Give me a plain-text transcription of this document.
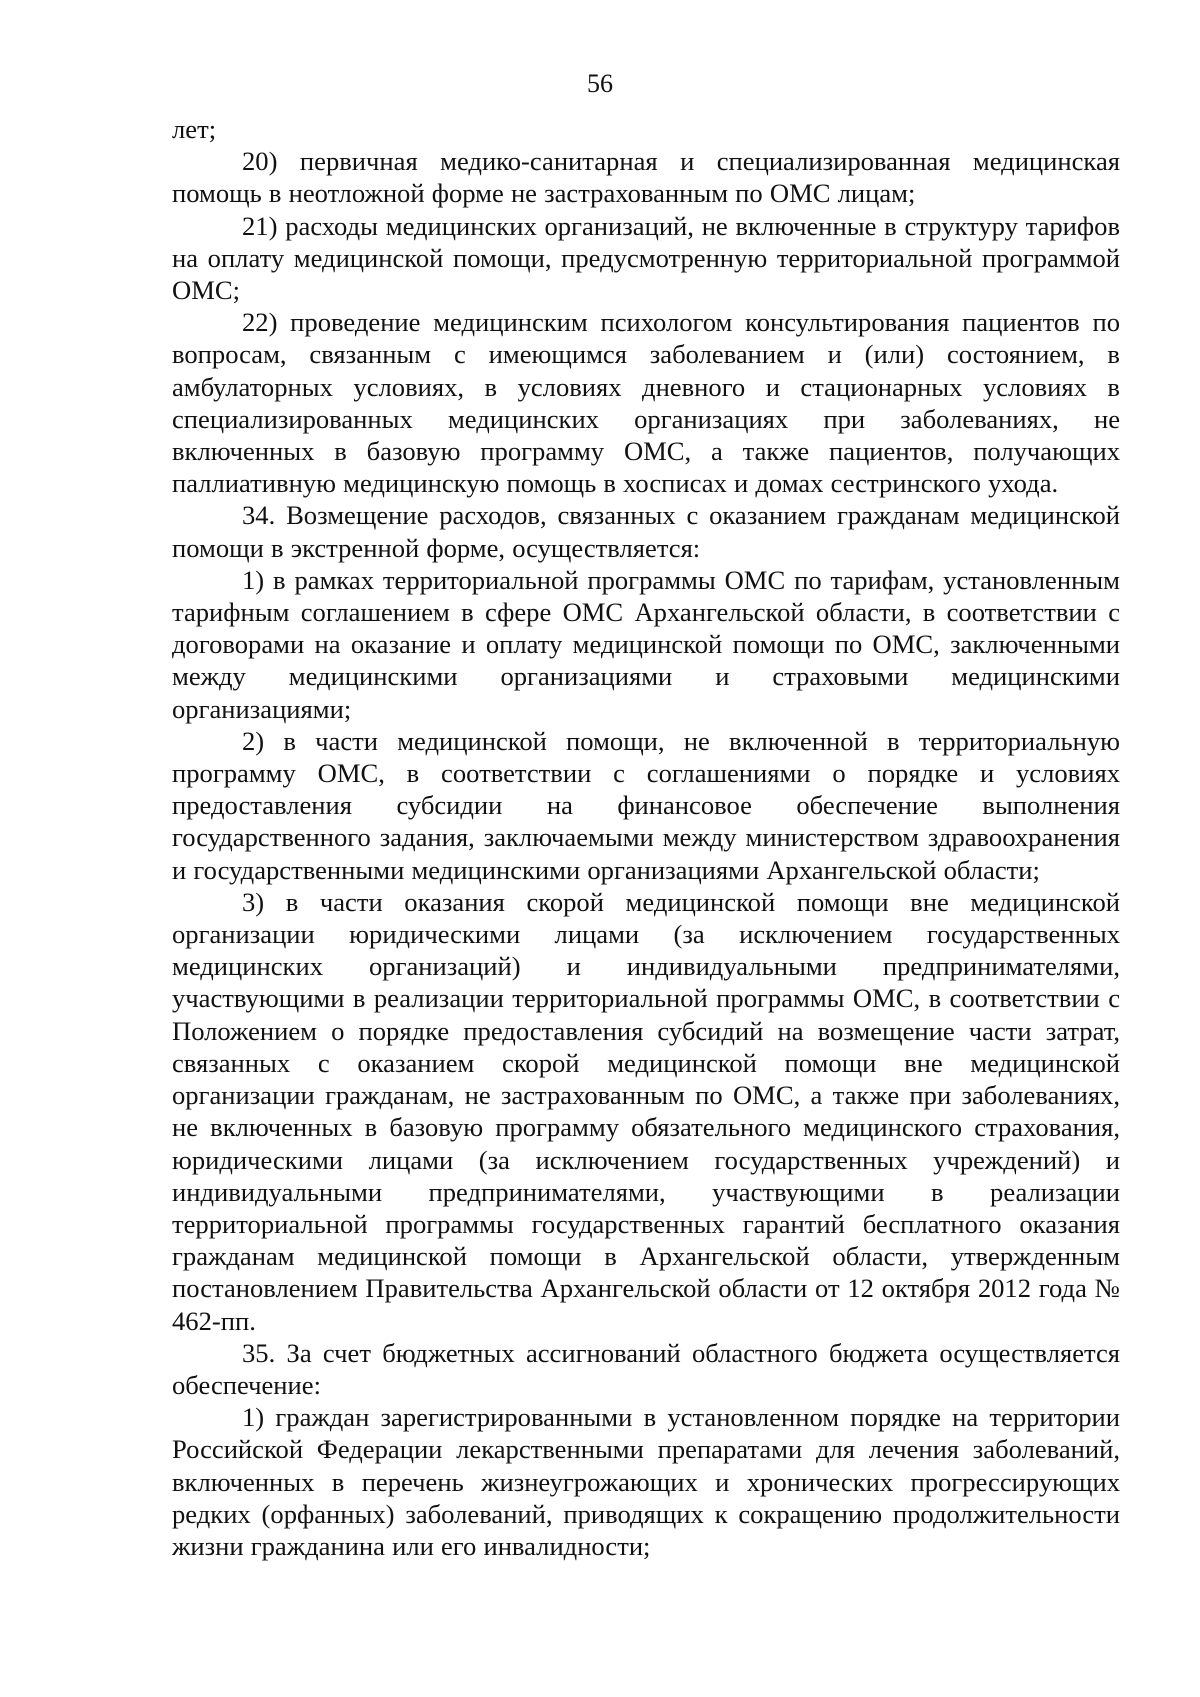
56

лет;

20) первичная медико-санитарная и специализированная медицинская помощь в неотложной форме не застрахованным по ОМС лицам;

21) расходы медицинских организаций, не включенные в структуру тарифов на оплату медицинской помощи, предусмотренную территориальной программой ОМС;

22) проведение медицинским психологом консультирования пациентов по вопросам, связанным с имеющимся заболеванием и (или) состоянием, в амбулаторных условиях, в условиях дневного и стационарных условиях в специализированных медицинских организациях при заболеваниях, не включенных в базовую программу ОМС, а также пациентов, получающих паллиативную медицинскую помощь в хосписах и домах сестринского ухода.

34. Возмещение расходов, связанных с оказанием гражданам медицинской помощи в экстренной форме, осуществляется:

1) в рамках территориальной программы ОМС по тарифам, установленным тарифным соглашением в сфере ОМС Архангельской области, в соответствии с договорами на оказание и оплату медицинской помощи по ОМС, заключенными между медицинскими организациями и страховыми медицинскими организациями;

2) в части медицинской помощи, не включенной в территориальную программу ОМС, в соответствии с соглашениями о порядке и условиях предоставления субсидии на финансовое обеспечение выполнения государственного задания, заключаемыми между министерством здравоохранения и государственными медицинскими организациями Архангельской области;

3) в части оказания скорой медицинской помощи вне медицинской организации юридическими лицами (за исключением государственных медицинских организаций) и индивидуальными предпринимателями, участвующими в реализации территориальной программы ОМС, в соответствии с Положением о порядке предоставления субсидий на возмещение части затрат, связанных с оказанием скорой медицинской помощи вне медицинской организации гражданам, не застрахованным по ОМС, а также при заболеваниях, не включенных в базовую программу обязательного медицинского страхования, юридическими лицами (за исключением государственных учреждений) и индивидуальными предпринимателями, участвующими в реализации территориальной программы государственных гарантий бесплатного оказания гражданам медицинской помощи в Архангельской области, утвержденным постановлением Правительства Архангельской области от 12 октября 2012 года № 462-пп.

35. За счет бюджетных ассигнований областного бюджета осуществляется обеспечение:

1) граждан зарегистрированными в установленном порядке на территории Российской Федерации лекарственными препаратами для лечения заболеваний, включенных в перечень жизнеугрожающих и хронических прогрессирующих редких (орфанных) заболеваний, приводящих к сокращению продолжительности жизни гражданина или его инвалидности;
